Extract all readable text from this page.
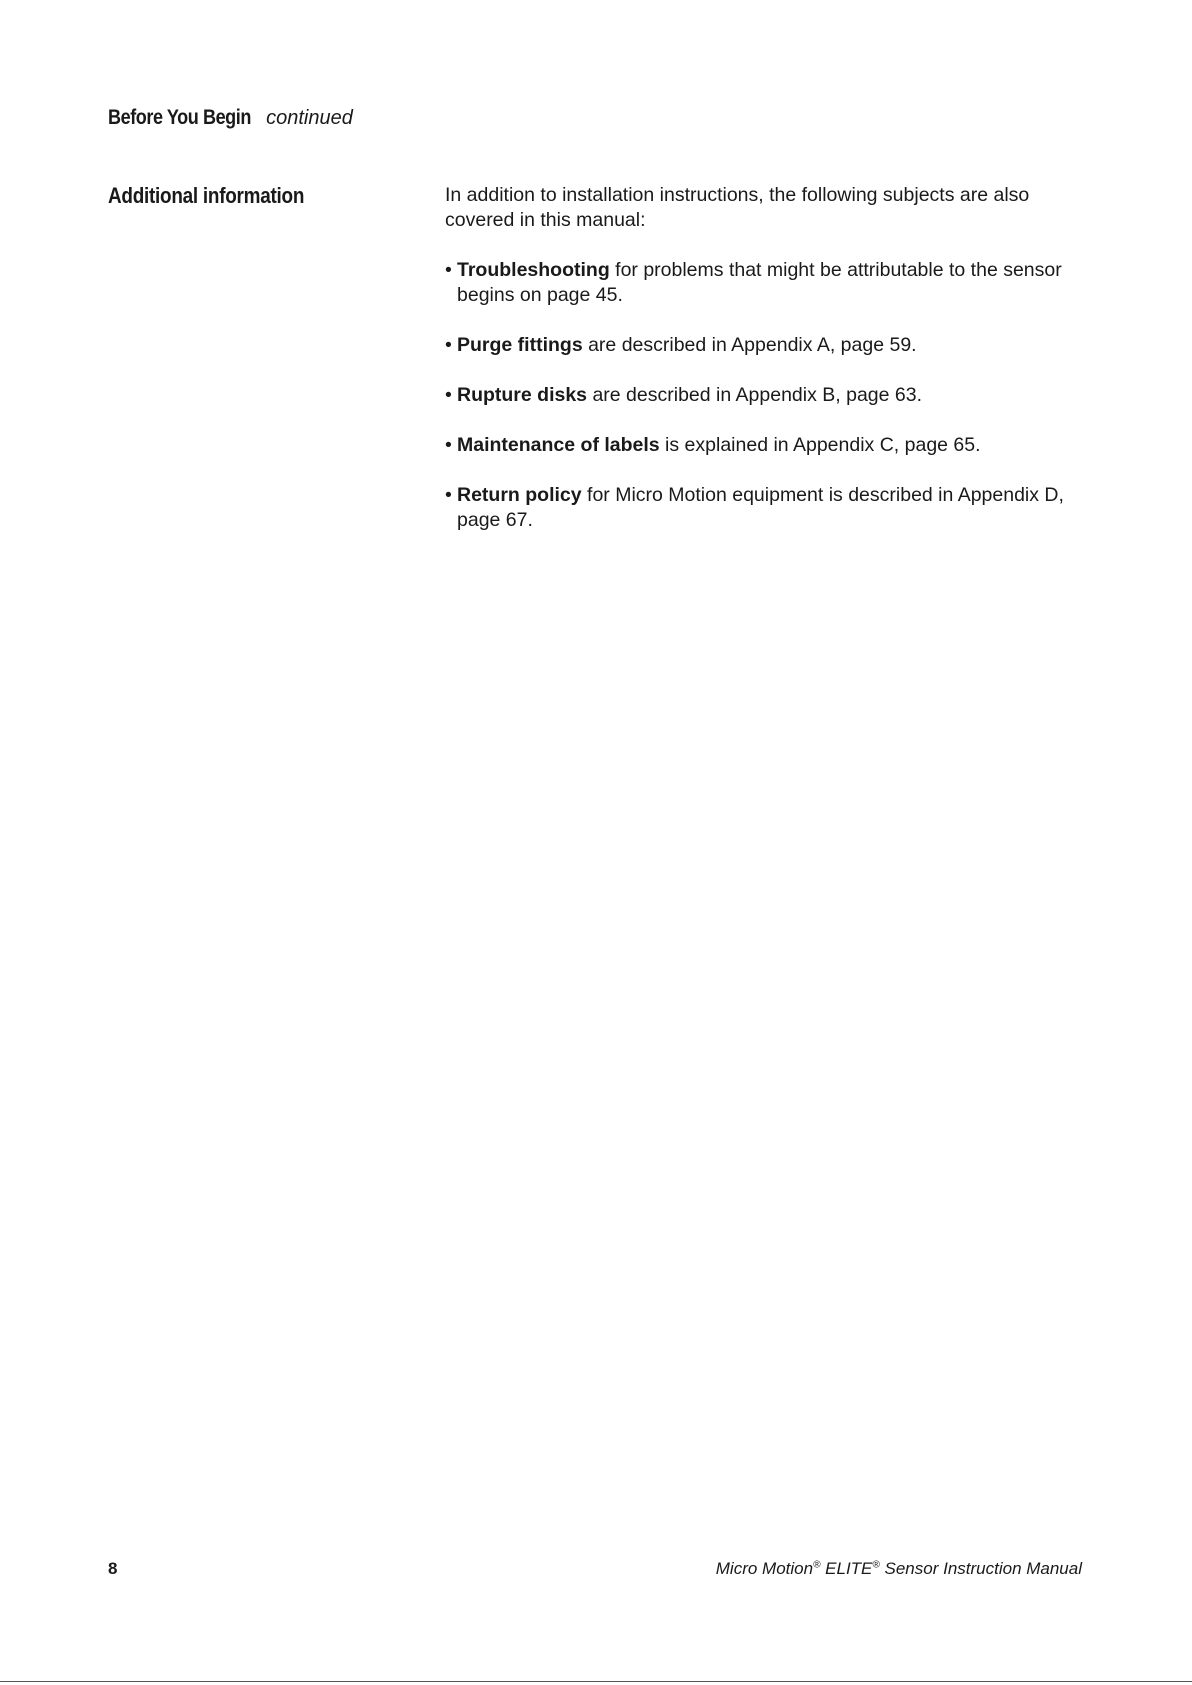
Before You Begin continued
Additional information	In addition to installation instructions, the following subjects are also covered in this manual:

• Troubleshooting for problems that might be attributable to the sensor begins on page 45.
• Purge fittings are described in Appendix A, page 59.
• Rupture disks are described in Appendix B, page 63.
• Maintenance of labels is explained in Appendix C, page 65.
• Return policy for Micro Motion equipment is described in Appendix D, page 67.
8	Micro Motion® ELITE® Sensor Instruction Manual
